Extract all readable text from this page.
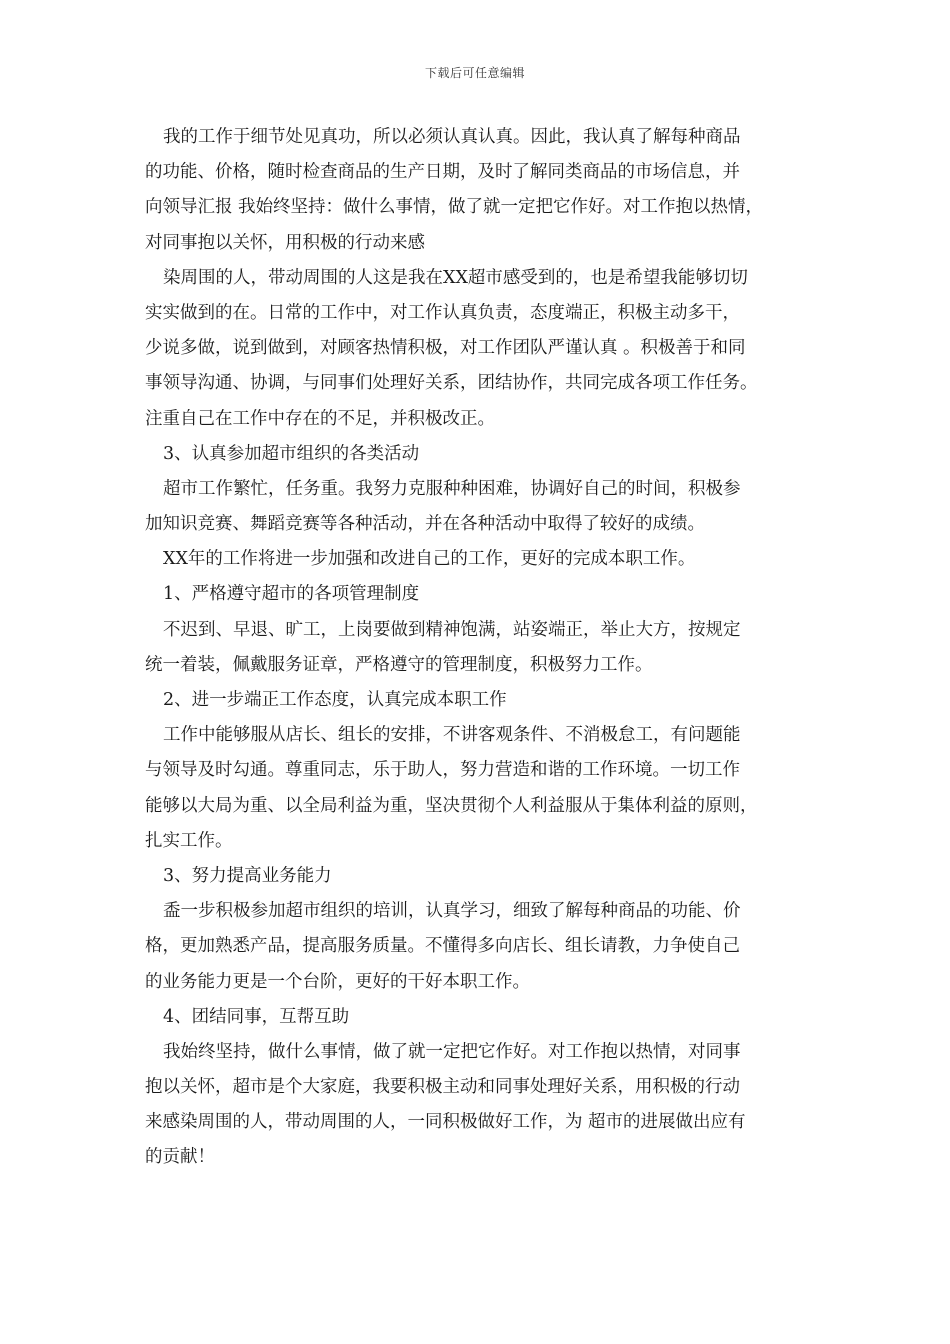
下载后可任意编辑
我的工作于细节处见真功，所以必须认真认真。因此，我认真了解每种商品
的功能、价格，随时检查商品的生产日期，及时了解同类商品的市场信息，并
向领导汇报 我始终坚持：做什么事情，做了就一定把它作好。对工作抱以热情，
对同事抱以关怀，用积极的行动来感
染周围的人，带动周围的人这是我在XX超市感受到的，也是希望我能够切切
实实做到的在。日常的工作中，对工作认真负责，态度端正，积极主动多干，
少说多做，说到做到，对顾客热情积极，对工作团队严谨认真 。积极善于和同
事领导沟通、协调，与同事们处理好关系，团结协作，共同完成各项工作任务。
注重自己在工作中存在的不足，并积极改正。
3、认真参加超市组织的各类活动
超市工作繁忙，任务重。我努力克服种种困难，协调好自己的时间，积极参
加知识竞赛、舞蹈竞赛等各种活动，并在各种活动中取得了较好的成绩。
XX年的工作将进一步加强和改进自己的工作，更好的完成本职工作。
1、严格遵守超市的各项管理制度
不迟到、早退、旷工，上岗要做到精神饱满，站姿端正，举止大方，按规定
统一着装，佩戴服务证章，严格遵守的管理制度，积极努力工作。
2、进一步端正工作态度，认真完成本职工作
工作中能够服从店长、组长的安排，不讲客观条件、不消极怠工，有问题能
与领导及时勾通。尊重同志，乐于助人，努力营造和谐的工作环境。一切工作
能够以大局为重、以全局利益为重，坚决贯彻个人利益服从于集体利益的原则，
扎实工作。
3、努力提高业务能力
盉一步积极参加超市组织的培训，认真学习，细致了解每种商品的功能、价
格，更加熟悉产品，提高服务质量。不懂得多向店长、组长请教，力争使自己
的业务能力更是一个台阶，更好的干好本职工作。
4、团结同事，互帮互助
我始终坚持，做什么事情，做了就一定把它作好。对工作抱以热情，对同事
抱以关怀，超市是个大家庭，我要积极主动和同事处理好关系，用积极的行动
来感染周围的人，带动周围的人，一同积极做好工作，为 超市的进展做出应有
的贡献！
